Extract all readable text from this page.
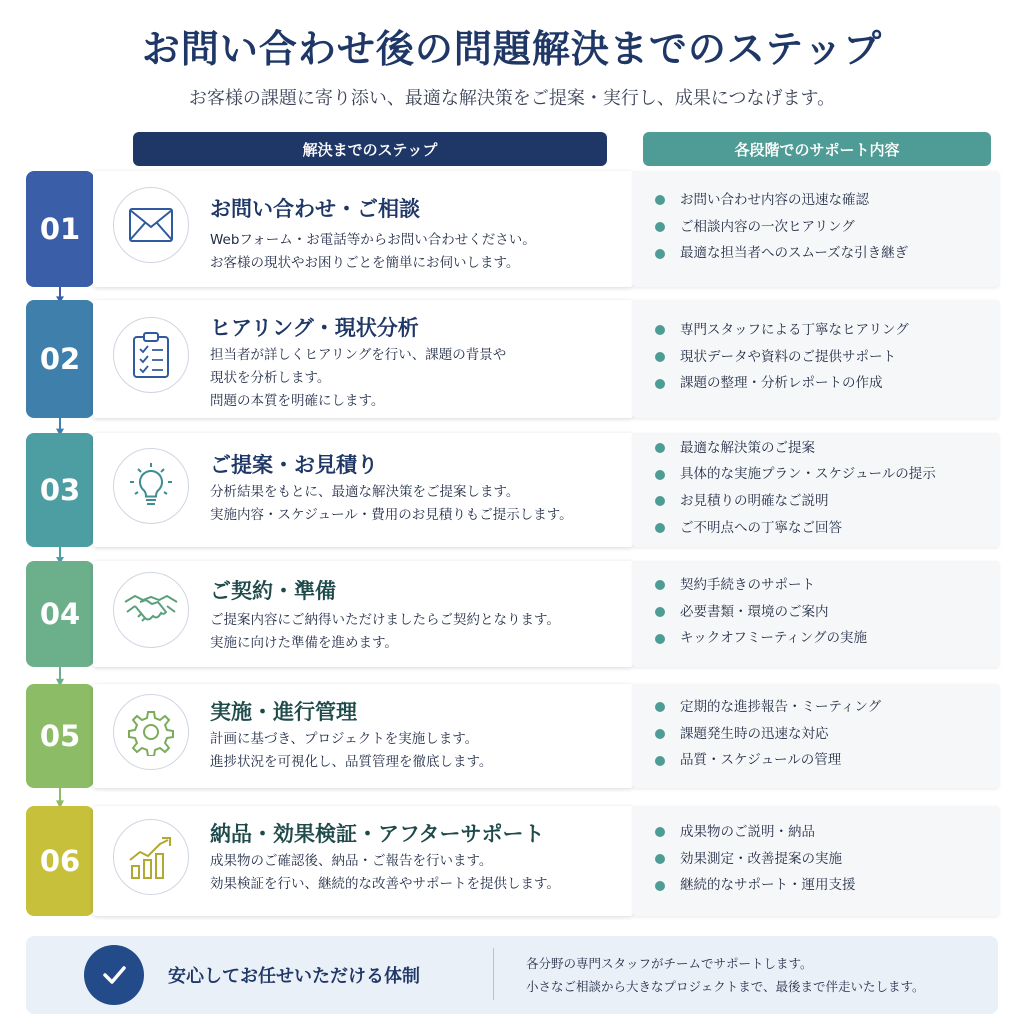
お問い合わせ後の問題解決までのステップ
お客様の課題に寄り添い、最適な解決策をご提案・実行し、成果につなげます。
解決までのステップ	各段階でのサポート内容
01
お問い合わせ・ご相談
Webフォーム・お電話等からお問い合わせください。
お客様の現状やお困りごとを簡単にお伺いします。
お問い合わせ内容の迅速な確認
ご相談内容の一次ヒアリング
最適な担当者へのスムーズな引き継ぎ
02
ヒアリング・現状分析
担当者が詳しくヒアリングを行い、課題の背景や
現状を分析します。
問題の本質を明確にします。
専門スタッフによる丁寧なヒアリング
現状データや資料のご提供サポート
課題の整理・分析レポートの作成
03
ご提案・お見積り
分析結果をもとに、最適な解決策をご提案します。
実施内容・スケジュール・費用のお見積りもご提示します。
最適な解決策のご提案
具体的な実施プラン・スケジュールの提示
お見積りの明確なご説明
ご不明点への丁寧なご回答
04
ご契約・準備
ご提案内容にご納得いただけましたらご契約となります。
実施に向けた準備を進めます。
契約手続きのサポート
必要書類・環境のご案内
キックオフミーティングの実施
05
実施・進行管理
計画に基づき、プロジェクトを実施します。
進捗状況を可視化し、品質管理を徹底します。
定期的な進捗報告・ミーティング
課題発生時の迅速な対応
品質・スケジュールの管理
06
納品・効果検証・アフターサポート
成果物のご確認後、納品・ご報告を行います。
効果検証を行い、継続的な改善やサポートを提供します。
成果物のご説明・納品
効果測定・改善提案の実施
継続的なサポート・運用支援
安心してお任せいただける体制
各分野の専門スタッフがチームでサポートします。
小さなご相談から大きなプロジェクトまで、最後まで伴走いたします。
